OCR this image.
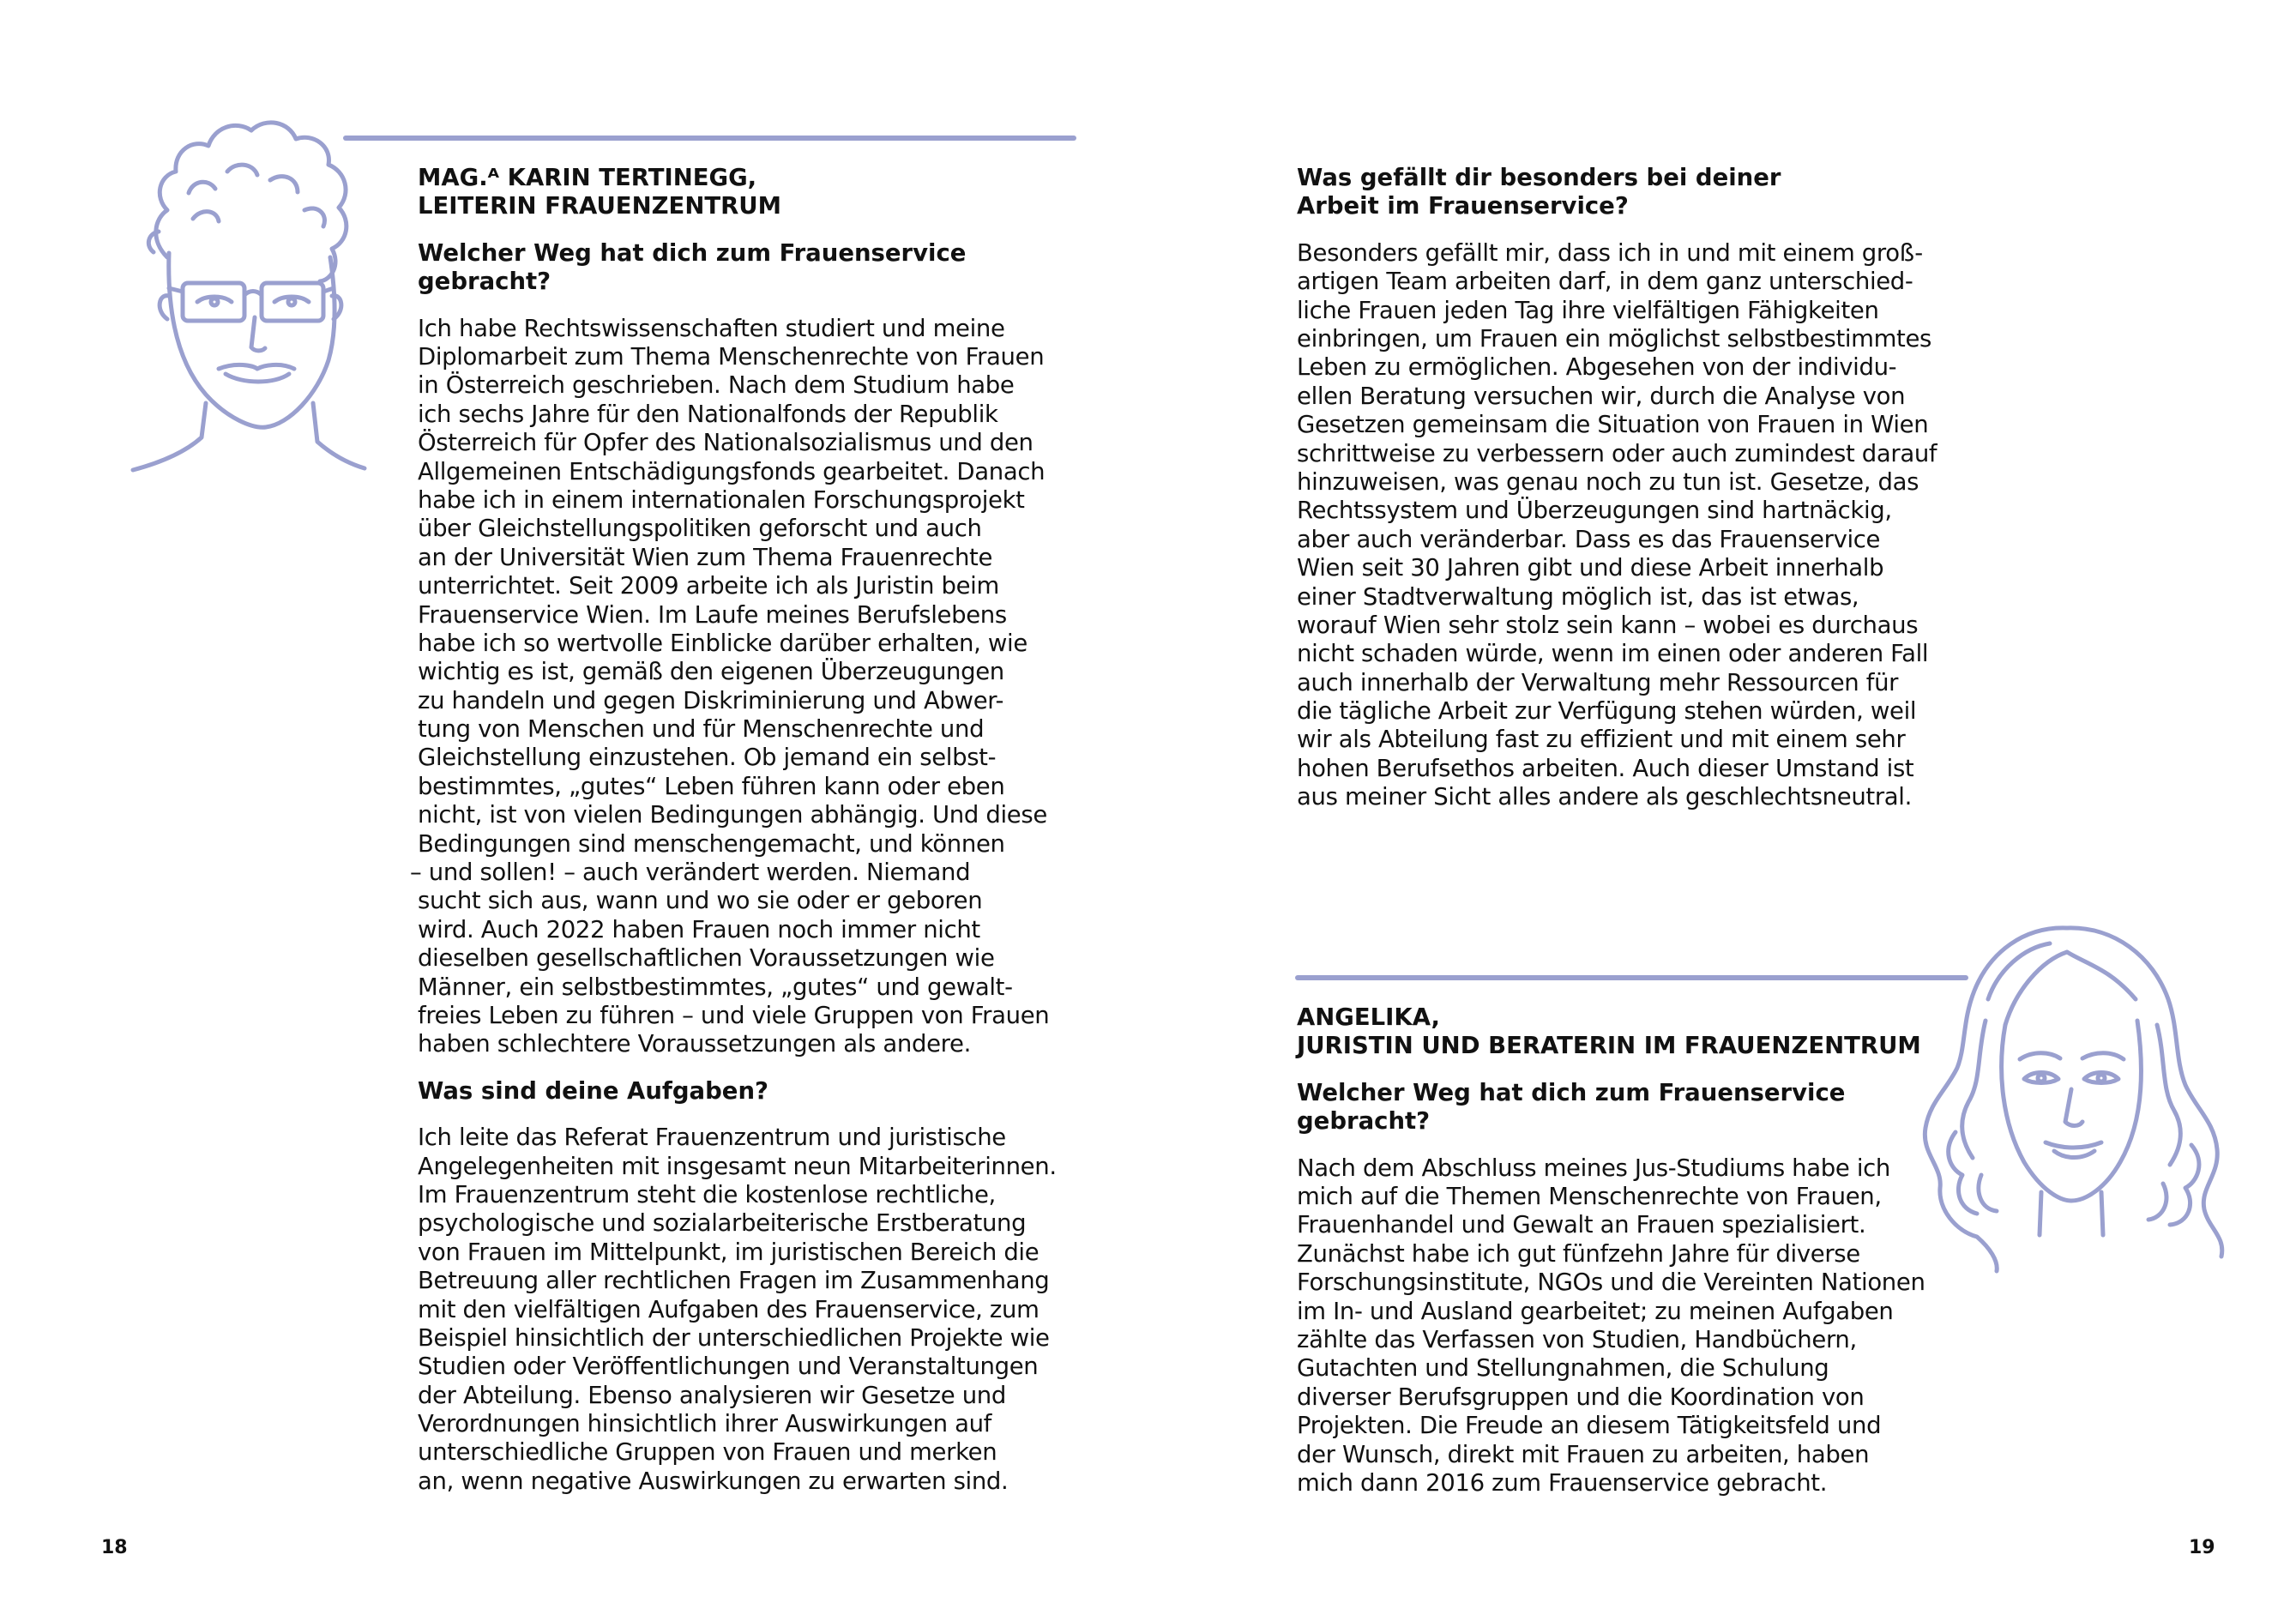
MAG.ᴬ KARIN TERTINEGG,
LEITERIN FRAUENZENTRUM
Welcher Weg hat dich zum Frauenservice gebracht?

Ich habe Rechtswissenschaften studiert und meine
Diplomarbeit zum Thema Menschenrechte von Frauen
in Österreich geschrieben. Nach dem Studium habe
ich sechs Jahre für den Nationalfonds der Republik
Österreich für Opfer des Nationalsozialismus und den
Allgemeinen Entschädigungsfonds gearbeitet. Danach
habe ich in einem internationalen Forschungsprojekt
über Gleichstellungspolitiken geforscht und auch
an der Universität Wien zum Thema Frauenrechte
unterrichtet. Seit 2009 arbeite ich als Juristin beim
Frauenservice Wien. Im Laufe meines Berufslebens
habe ich so wertvolle Einblicke darüber erhalten, wie
wichtig es ist, gemäß den eigenen Überzeugungen
zu handeln und gegen Diskriminierung und Abwer-
tung von Menschen und für Menschenrechte und
Gleichstellung einzustehen. Ob jemand ein selbst-
bestimmtes, „gutes“ Leben führen kann oder eben
nicht, ist von vielen Bedingungen abhängig. Und diese
Bedingungen sind menschengemacht, und können
– und sollen! – auch verändert werden. Niemand
sucht sich aus, wann und wo sie oder er geboren
wird. Auch 2022 haben Frauen noch immer nicht
dieselben gesellschaftlichen Voraussetzungen wie
Männer, ein selbstbestimmtes, „gutes“ und gewalt-
freies Leben zu führen – und viele Gruppen von Frauen
haben schlechtere Voraussetzungen als andere.

Was sind deine Aufgaben?

Ich leite das Referat Frauenzentrum und juristische
Angelegenheiten mit insgesamt neun Mitarbeiterinnen.
Im Frauenzentrum steht die kostenlose rechtliche,
psychologische und sozialarbeiterische Erstberatung
von Frauen im Mittelpunkt, im juristischen Bereich die
Betreuung aller rechtlichen Fragen im Zusammenhang
mit den vielfältigen Aufgaben des Frauenservice, zum
Beispiel hinsichtlich der unterschiedlichen Projekte wie
Studien oder Veröffentlichungen und Veranstaltungen
der Abteilung. Ebenso analysieren wir Gesetze und
Verordnungen hinsichtlich ihrer Auswirkungen auf
unterschiedliche Gruppen von Frauen und merken
an, wenn negative Auswirkungen zu erwarten sind.

18
Was gefällt dir besonders bei deiner
Arbeit im Frauenservice?

Besonders gefällt mir, dass ich in und mit einem groß-
artigen Team arbeiten darf, in dem ganz unterschied-
liche Frauen jeden Tag ihre vielfältigen Fähigkeiten
einbringen, um Frauen ein möglichst selbstbestimmtes
Leben zu ermöglichen. Abgesehen von der individu-
ellen Beratung versuchen wir, durch die Analyse von
Gesetzen gemeinsam die Situation von Frauen in Wien
schrittweise zu verbessern oder auch zumindest darauf
hinzuweisen, was genau noch zu tun ist. Gesetze, das
Rechtssystem und Überzeugungen sind hartnäckig,
aber auch veränderbar. Dass es das Frauenservice
Wien seit 30 Jahren gibt und diese Arbeit innerhalb
einer Stadtverwaltung möglich ist, das ist etwas,
worauf Wien sehr stolz sein kann – wobei es durchaus
nicht schaden würde, wenn im einen oder anderen Fall
auch innerhalb der Verwaltung mehr Ressourcen für
die tägliche Arbeit zur Verfügung stehen würden, weil
wir als Abteilung fast zu effizient und mit einem sehr
hohen Berufsethos arbeiten. Auch dieser Umstand ist
aus meiner Sicht alles andere als geschlechtsneutral.

ANGELIKA,
JURISTIN UND BERATERIN IM FRAUENZENTRUM
Welcher Weg hat dich zum Frauenservice gebracht?

Nach dem Abschluss meines Jus-Studiums habe ich
mich auf die Themen Menschenrechte von Frauen,
Frauenhandel und Gewalt an Frauen spezialisiert.
Zunächst habe ich gut fünfzehn Jahre für diverse
Forschungsinstitute, NGOs und die Vereinten Nationen
im In- und Ausland gearbeitet; zu meinen Aufgaben
zählte das Verfassen von Studien, Handbüchern,
Gutachten und Stellungnahmen, die Schulung
diverser Berufsgruppen und die Koordination von
Projekten. Die Freude an diesem Tätigkeitsfeld und
der Wunsch, direkt mit Frauen zu arbeiten, haben
mich dann 2016 zum Frauenservice gebracht.

19
